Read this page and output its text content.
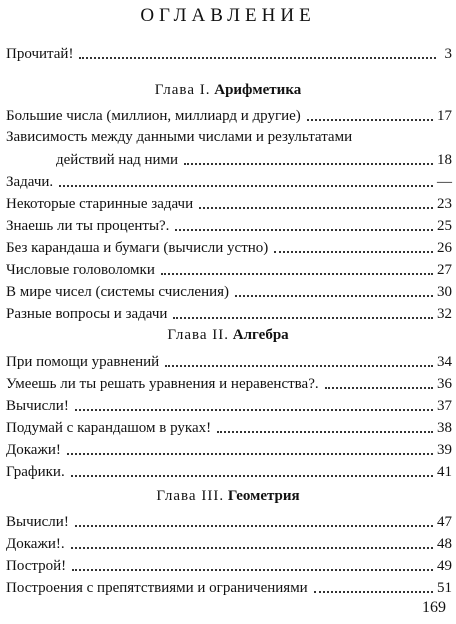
ОГЛАВЛЕНИЕ
Прочитай!	3
Глава I. Арифметика
Большие числа (миллион, миллиард и другие)	17
Зависимость между данными числами и результатами
действий над ними	18
Задачи.	—
Некоторые старинные задачи	23
Знаешь ли ты проценты?.	25
Без карандаша и бумаги (вычисли устно)	26
Числовые головоломки	27
В мире чисел (системы счисления)	30
Разные вопросы и задачи	32
Глава II. Алгебра
При помощи уравнений	34
Умеешь ли ты решать уравнения и неравенства?.	36
Вычисли!	37
Подумай с карандашом в руках!	38
Докажи!	39
Графики.	41
Глава III. Геометрия
Вычисли!	47
Докажи!.	48
Построй!	49
Построения с препятствиями и ограничениями	51
169
